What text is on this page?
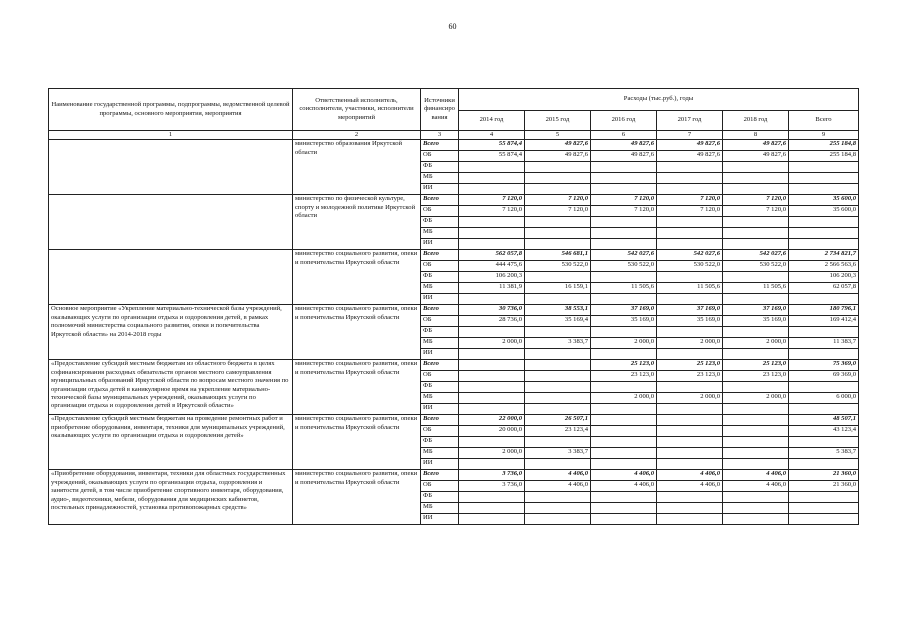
60
Наименование государственной программы, подпрограммы, ведомственной целевой программы, основного мероприятия, мероприятия	Ответственный исполнитель, соисполнители, участники, исполнители мероприятий	Источники финансиро вания	Расходы (тыс.руб.), годы					
			2014 год	2015 год	2016 год	2017 год	2018 год	Всего
1	2	3	4	5	6	7	8	9
	министерство образования Иркутской области	Всего	55 874,4	49 827,6	49 827,6	49 827,6	49 827,6	255 184,8
		ОБ	55 874,4	49 827,6	49 827,6	49 827,6	49 827,6	255 184,8
		ФБ						
		МБ						
		ИИ						
	министерство по физической культуре, спорту и молодежной политике Иркутской области	Всего	7 120,0	7 120,0	7 120,0	7 120,0	7 120,0	35 600,0
		ОБ	7 120,0	7 120,0	7 120,0	7 120,0	7 120,0	35 600,0
		ФБ						
		МБ						
		ИИ						
	министерство социального развития, опеки и попечительства Иркутской области	Всего	562 057,8	546 681,1	542 027,6	542 027,6	542 027,6	2 734 821,7
		ОБ	444 475,6	530 522,0	530 522,0	530 522,0	530 522,0	2 566 563,6
		ФБ	106 200,3					106 200,3
		МБ	11 381,9	16 159,1	11 505,6	11 505,6	11 505,6	62 057,8
		ИИ						
Основное мероприятие «Укрепление материально-технической базы учреждений, оказывающих услуги по организации отдыха и оздоровления детей, в рамках полномочий министерства социального развития, опеки и попечительства Иркутской области» на 2014-2018 годы	министерство социального развития, опеки и попечительства Иркутской области	Всего	30 736,0	38 553,1	37 169,0	37 169,0	37 169,0	180 796,1
		ОБ	28 736,0	35 169,4	35 169,0	35 169,0	35 169,0	169 412,4
		ФБ						
		МБ	2 000,0	3 383,7	2 000,0	2 000,0	2 000,0	11 383,7
		ИИ						
«Предоставление субсидий местным бюджетам из областного бюджета в целях софинансирования расходных обязательств органов местного самоуправления муниципальных образований Иркутской области по вопросам местного значения по организации отдыха детей в каникулярное время на укрепление материально-технической базы муниципальных учреждений, оказывающих услуги по организации отдыха и оздоровления детей в Иркутской области»	министерство социального развития, опеки и попечительства Иркутской области	Всего			25 123,0	25 123,0	25 123,0	75 369,0
		ОБ			23 123,0	23 123,0	23 123,0	69 369,0
		ФБ						
		МБ			2 000,0	2 000,0	2 000,0	6 000,0
		ИИ						
«Предоставление субсидий местным бюджетам на проведение ремонтных работ и приобретение оборудования, инвентаря, техники для муниципальных учреждений, оказывающих услуги по организации отдыха и оздоровления детей»	министерство социального развития, опеки и попечительства Иркутской области	Всего	22 000,0	26 507,1				48 507,1
		ОБ	20 000,0	23 123,4				43 123,4
		ФБ						
		МБ	2 000,0	3 383,7				5 383,7
		ИИ						
«Приобретение оборудования, инвентаря, техники для областных государственных учреждений, оказывающих услуги по организации отдыха, оздоровления и занятости детей, в том числе приобретение спортивного инвентаря, оборудования, аудио-, видеотехники, мебели, оборудования для медицинских кабинетов, постельных принадлежностей, установка противопожарных средств»	министерство социального развития, опеки и попечительства Иркутской области	Всего	3 736,0	4 406,0	4 406,0	4 406,0	4 406,0	21 360,0
		ОБ	3 736,0	4 406,0	4 406,0	4 406,0	4 406,0	21 360,0
		ФБ						
		МБ						
		ИИ						
